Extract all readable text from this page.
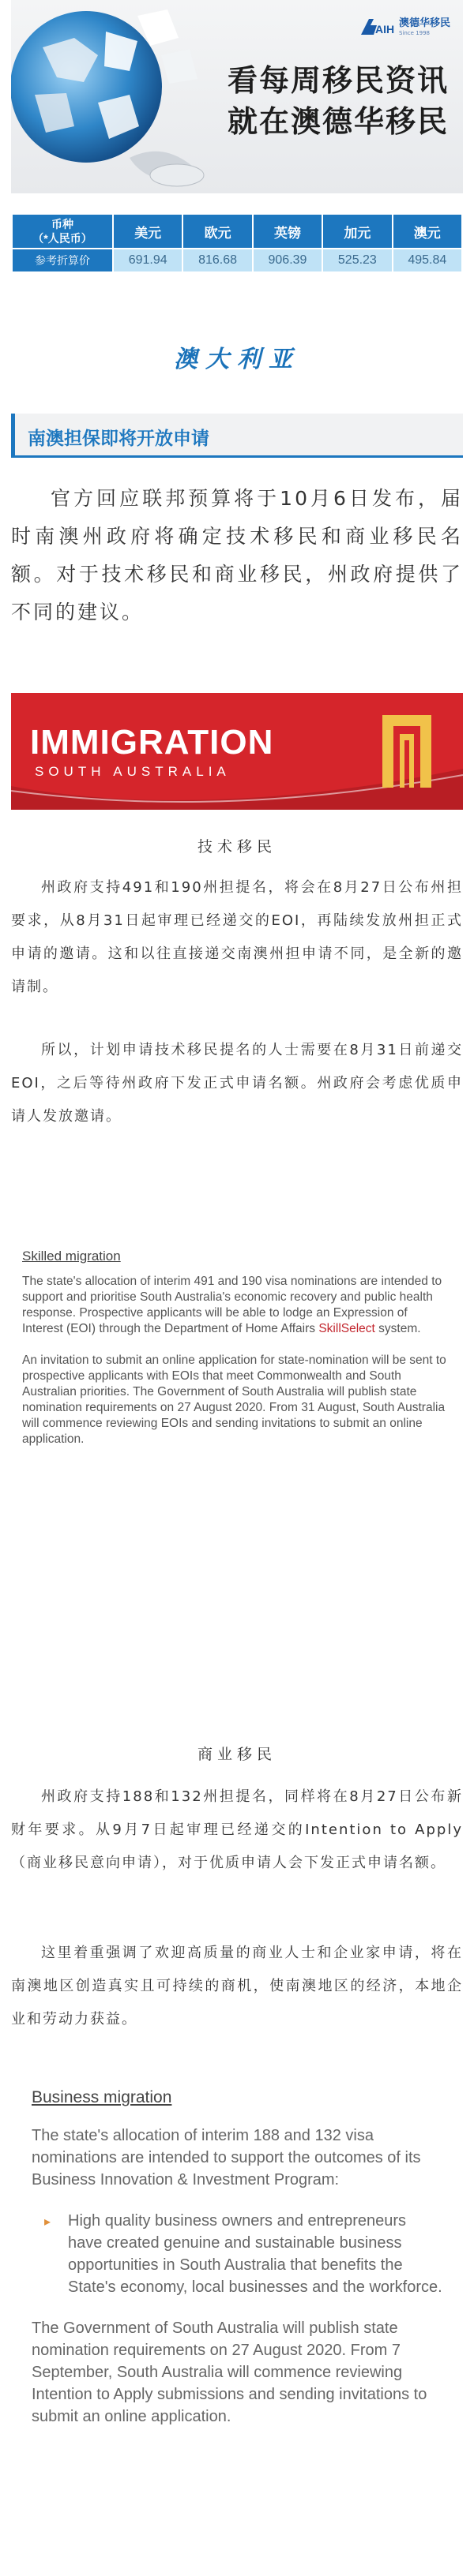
AIH 澳德华移民
Since 1998
看每周移民资讯
就在澳德华移民
币种
（*人民币）	美元	欧元	英镑	加元	澳元
参考折算价	691.94	816.68	906.39	525.23	495.84
澳大利亚
南澳担保即将开放申请

官方回应联邦预算将于10月6日发布，届时南澳州政府将确定技术移民和商业移民名额。对于技术移民和商业移民，州政府提供了不同的建议。

IMMIGRATION
SOUTH AUSTRALIA
技术移民

州政府支持491和190州担提名，将会在8月27日公布州担要求，从8月31日起审理已经递交的EOI，再陆续发放州担正式申请的邀请。这和以往直接递交南澳州担申请不同，是全新的邀请制。

所以，计划申请技术移民提名的人士需要在8月31日前递交EOI，之后等待州政府下发正式申请名额。州政府会考虑优质申请人发放邀请。

Skilled migration

The state's allocation of interim 491 and 190 visa nominations are intended to support and prioritise South Australia's economic recovery and public health response. Prospective applicants will be able to lodge an Expression of Interest (EOI) through the Department of Home Affairs SkillSelect system.

An invitation to submit an online application for state-nomination will be sent to prospective applicants with EOIs that meet Commonwealth and South Australian priorities. The Government of South Australia will publish state nomination requirements on 27 August 2020. From 31 August, South Australia will commence reviewing EOIs and sending invitations to submit an online application.

商业移民

州政府支持188和132州担提名，同样将在8月27日公布新财年要求。从9月7日起审理已经递交的Intention to Apply（商业移民意向申请），对于优质申请人会下发正式申请名额。

这里着重强调了欢迎高质量的商业人士和企业家申请，将在南澳地区创造真实且可持续的商机，使南澳地区的经济，本地企业和劳动力获益。

Business migration

The state's allocation of interim 188 and 132 visa nominations are intended to support the outcomes of its Business Innovation & Investment Program:

▸ High quality business owners and entrepreneurs have created genuine and sustainable business opportunities in South Australia that benefits the State's economy, local businesses and the workforce.

The Government of South Australia will publish state nomination requirements on 27 August 2020. From 7 September, South Australia will commence reviewing Intention to Apply submissions and sending invitations to submit an online application.
